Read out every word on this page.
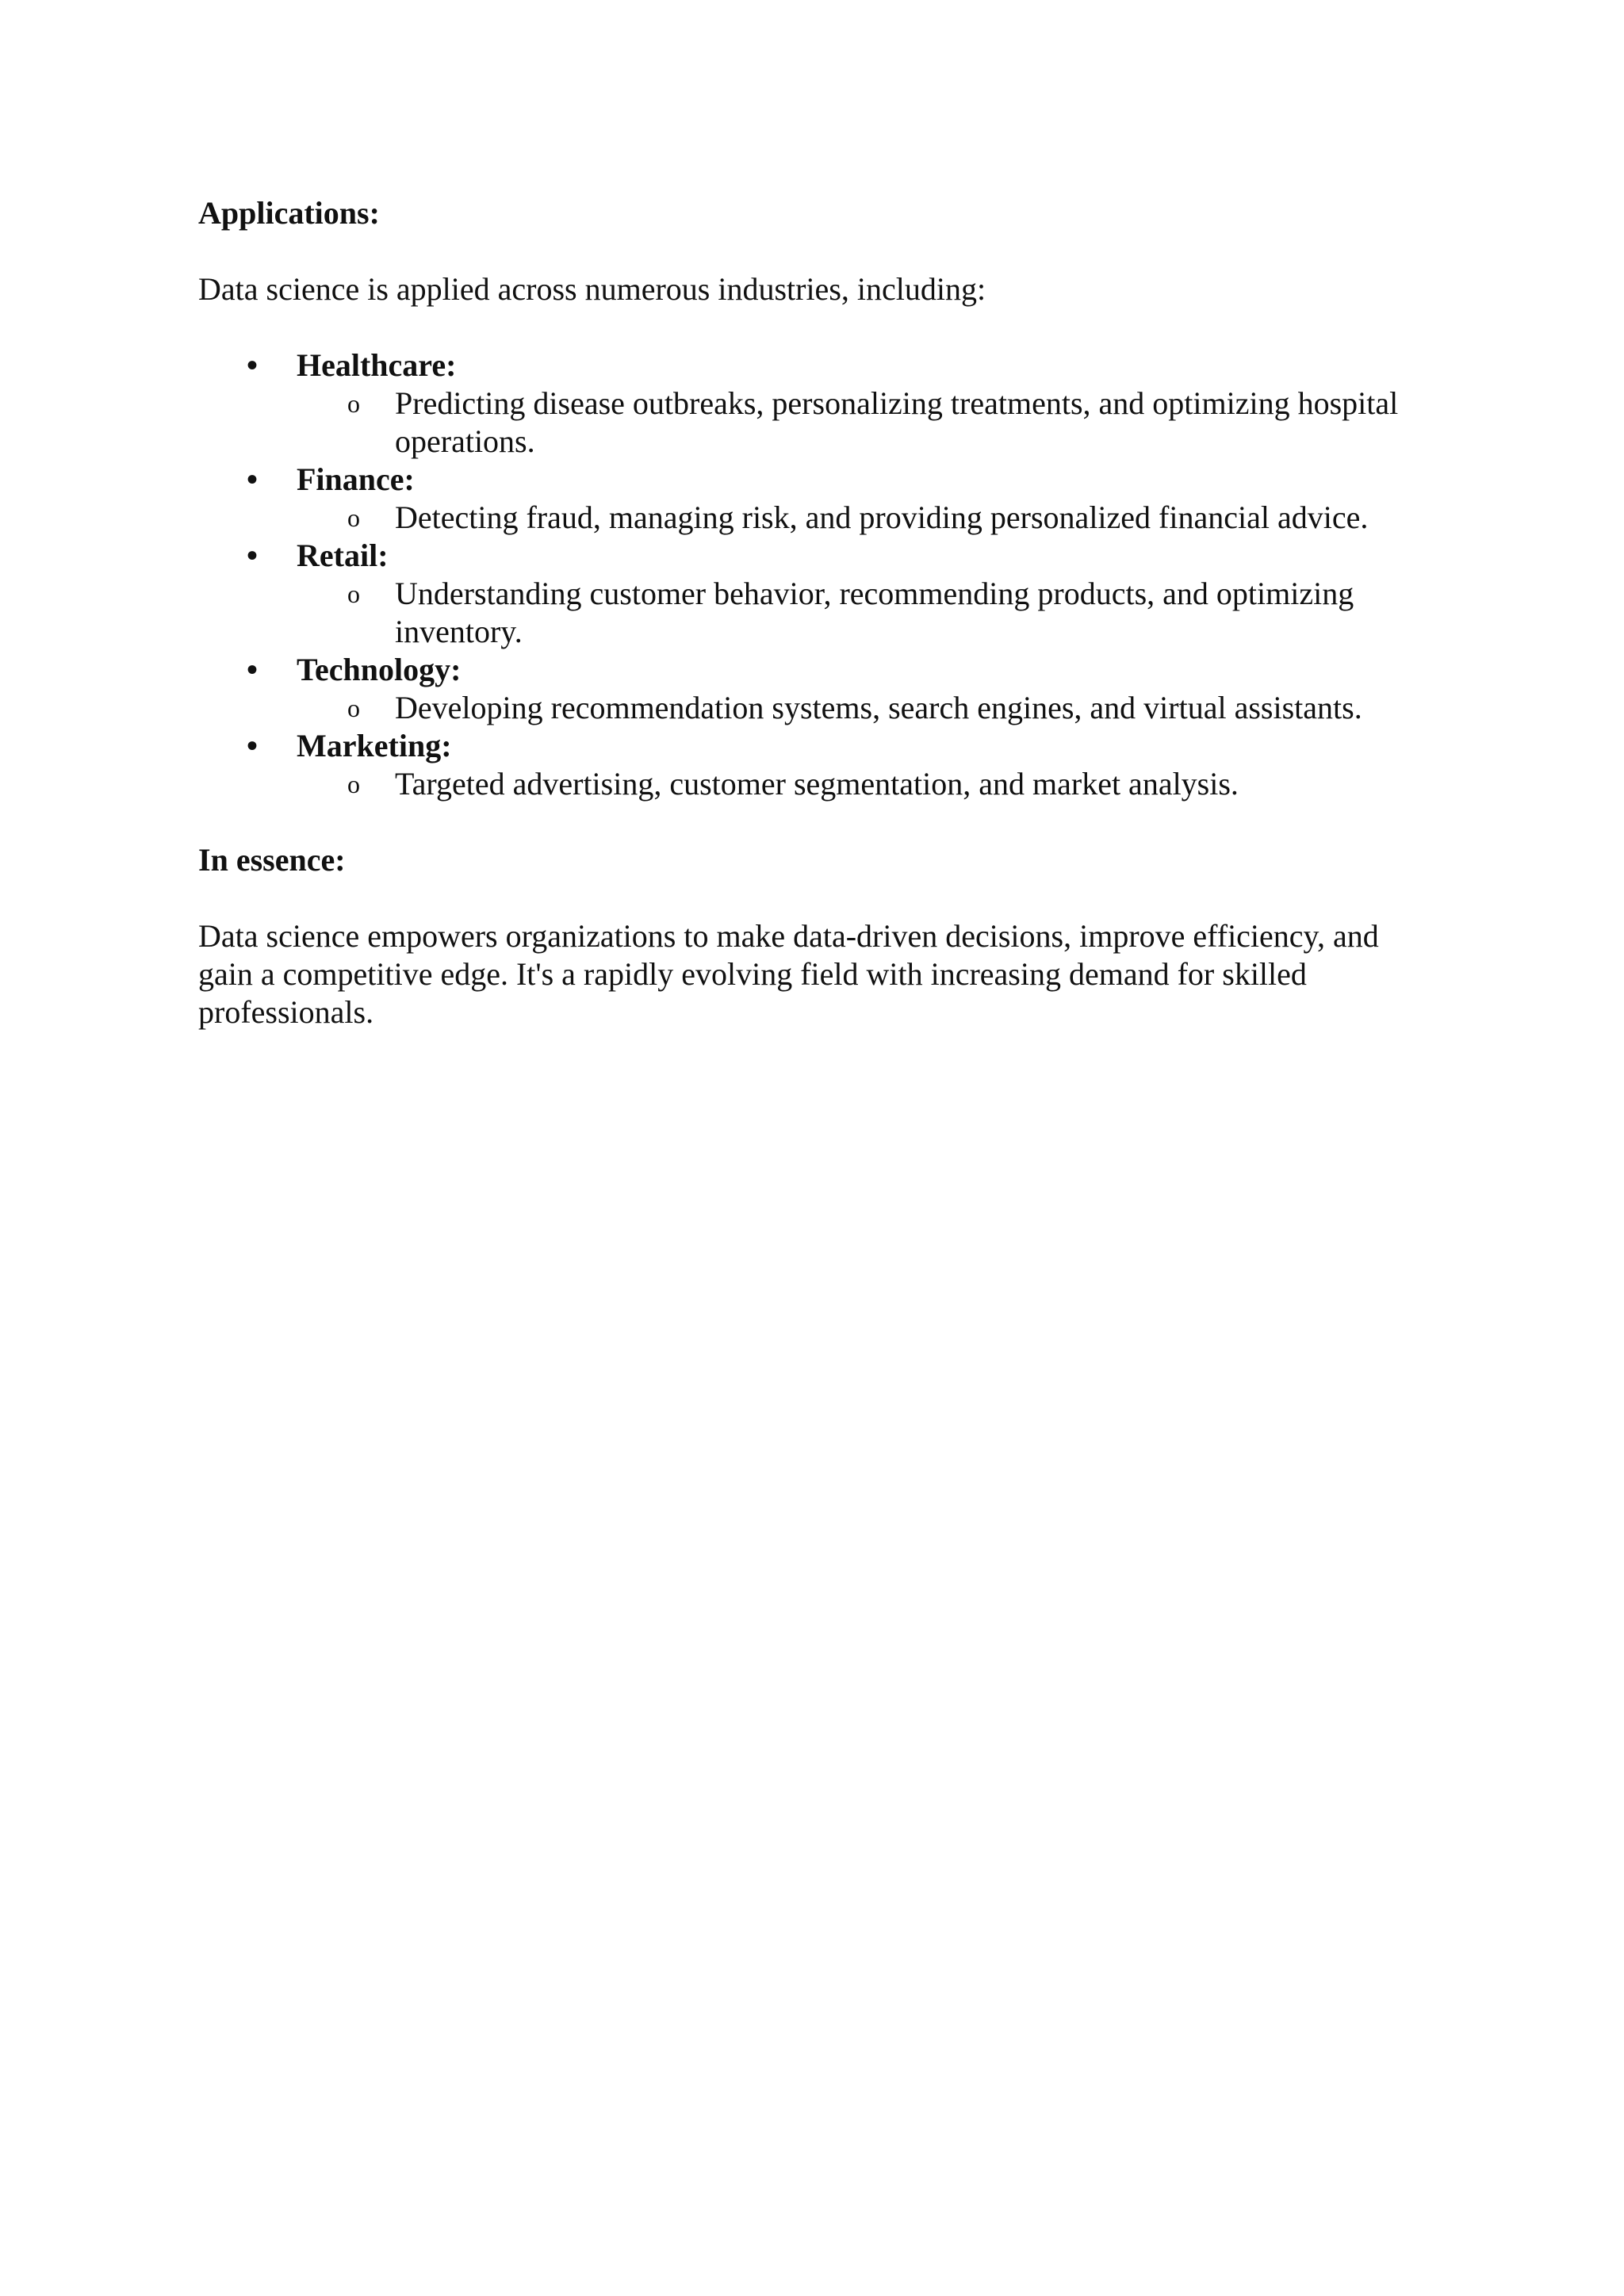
Applications:

Data science is applied across numerous industries, including:

• Healthcare:
o Predicting disease outbreaks, personalizing treatments, and optimizing hospital operations.
• Finance:
o Detecting fraud, managing risk, and providing personalized financial advice.
• Retail:
o Understanding customer behavior, recommending products, and optimizing inventory.
• Technology:
o Developing recommendation systems, search engines, and virtual assistants.
• Marketing:
o Targeted advertising, customer segmentation, and market analysis.

In essence:

Data science empowers organizations to make data-driven decisions, improve efficiency, and gain a competitive edge. It's a rapidly evolving field with increasing demand for skilled professionals.
